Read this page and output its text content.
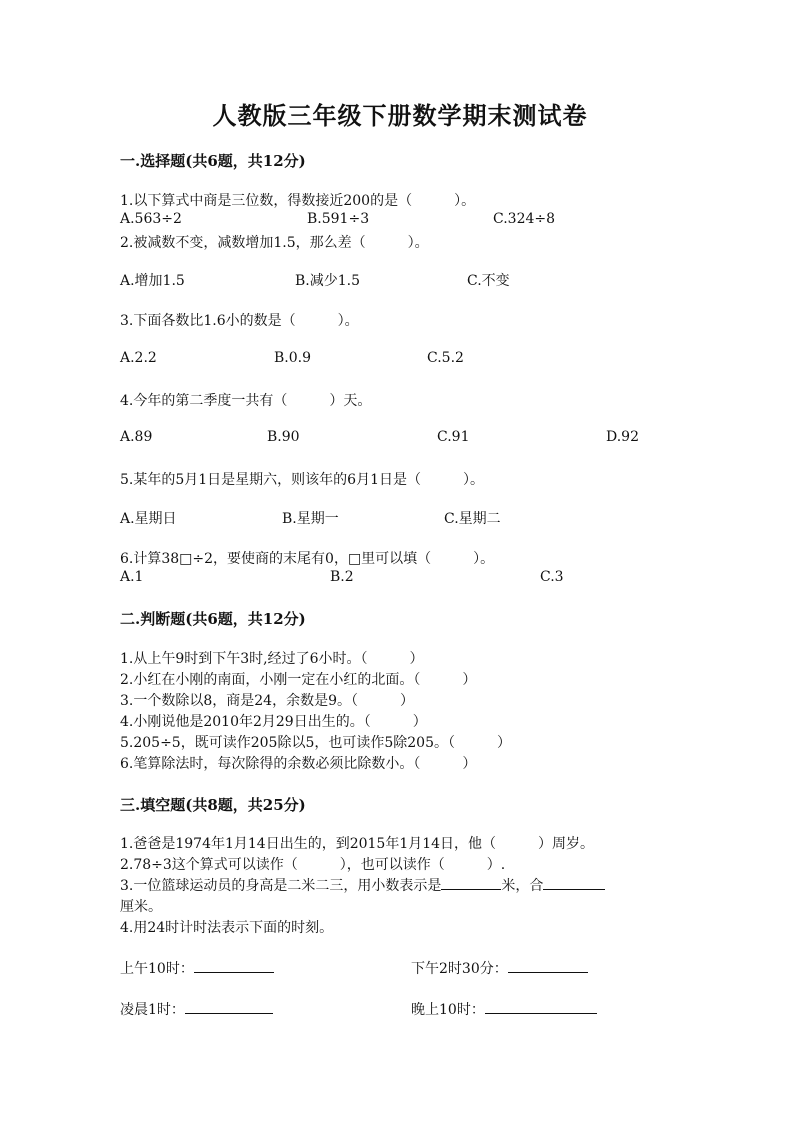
人教版三年级下册数学期末测试卷
一.选择题(共6题，共12分)
1.以下算式中商是三位数，得数接近200的是（　　　）。
A.563÷2	B.591÷3	C.324÷8
2.被减数不变，减数增加1.5，那么差（　　　）。
A.增加1.5	B.减少1.5	C.不变
3.下面各数比1.6小的数是（　　　）。
A.2.2	B.0.9	C.5.2
4.今年的第二季度一共有（　　　）天。
A.89	B.90	C.91	D.92
5.某年的5月1日是星期六，则该年的6月1日是（　　　）。
A.星期日	B.星期一	C.星期二
6.计算38□÷2，要使商的末尾有0，□里可以填（　　　）。
A.1	B.2	C.3
二.判断题(共6题，共12分)
1.从上午9时到下午3时,经过了6小时。（　　　）
2.小红在小刚的南面，小刚一定在小红的北面。（　　　）
3.一个数除以8，商是24，余数是9。（　　　）
4.小刚说他是2010年2月29日出生的。（　　　）
5.205÷5，既可读作205除以5，也可读作5除205。（　　　）
6.笔算除法时，每次除得的余数必须比除数小。（　　　）
三.填空题(共8题，共25分)
1.爸爸是1974年1月14日出生的，到2015年1月14日，他（　　　）周岁。
2.78÷3这个算式可以读作（　　　），也可以读作（　　　）.
3.一位篮球运动员的身高是二米二三，用小数表示是	米，合
厘米。
4.用24时计时法表示下面的时刻。
上午10时：	下午2时30分：
凌晨1时：	晚上10时：
